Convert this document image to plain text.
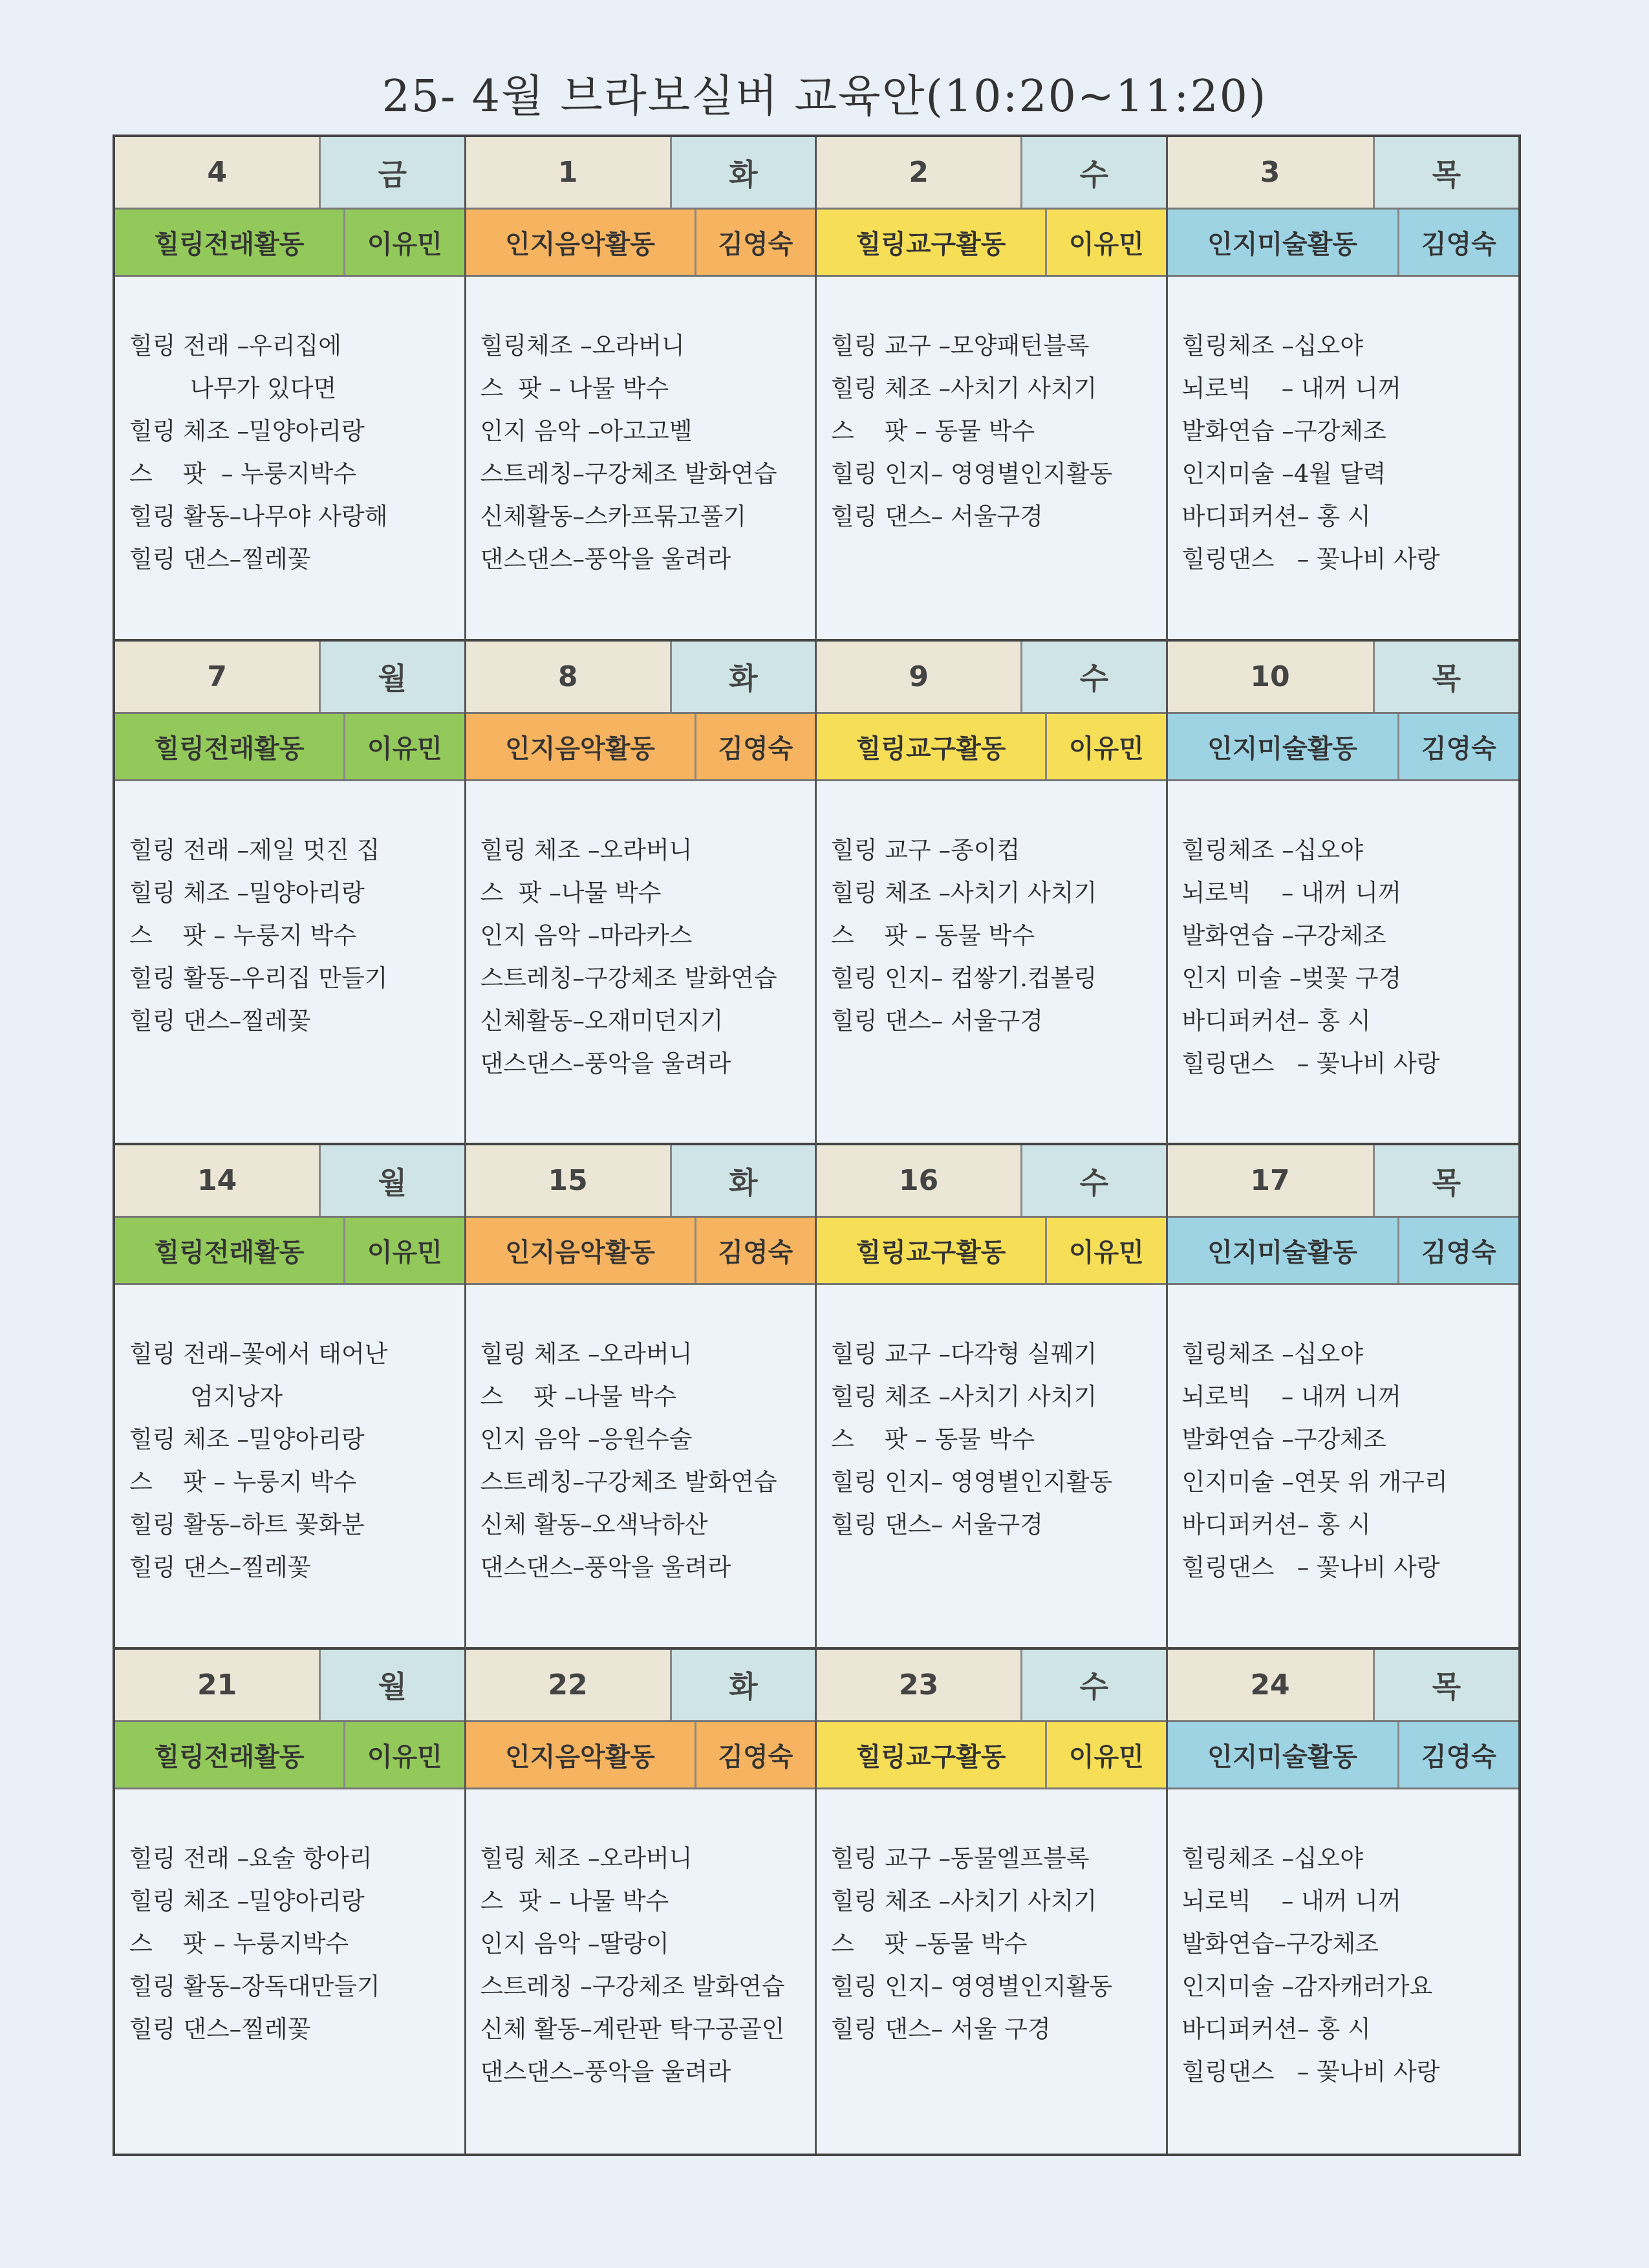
25- 4월 브라보실버 교육안(10:20~11:20)
4	금
힐링전래활동	이유민
힐링 전래 –우리집에
나무가 있다면
힐링 체조 –밀양아리랑
스    팟  – 누룽지박수
힐링 활동–나무야 사랑해
힐링 댄스–찔레꽃
1	화
인지음악활동	김영숙
힐링체조 –오라버니
스  팟 – 나물 박수
인지 음악 –아고고벨
스트레칭–구강체조 발화연습
신체활동–스카프묶고풀기
댄스댄스–풍악을 울려라
2	수
힐링교구활동	이유민
힐링 교구 –모양패턴블록
힐링 체조 –사치기 사치기
스    팟 – 동물 박수
힐링 인지– 영영별인지활동
힐링 댄스– 서울구경
3	목
인지미술활동	김영숙
힐링체조 –십오야
뇌로빅    – 내꺼 니꺼
발화연습 –구강체조
인지미술 –4월 달력
바디퍼커션– 홍 시
힐링댄스   – 꽃나비 사랑
7	월
힐링전래활동	이유민
힐링 전래 –제일 멋진 집
힐링 체조 –밀양아리랑
스    팟 – 누룽지 박수
힐링 활동–우리집 만들기
힐링 댄스–찔레꽃
8	화
인지음악활동	김영숙
힐링 체조 –오라버니
스  팟 –나물 박수
인지 음악 –마라카스
스트레칭–구강체조 발화연습
신체활동–오재미던지기
댄스댄스–풍악을 울려라
9	수
힐링교구활동	이유민
힐링 교구 –종이컵
힐링 체조 –사치기 사치기
스    팟 – 동물 박수
힐링 인지– 컵쌓기.컵볼링
힐링 댄스– 서울구경
10	목
인지미술활동	김영숙
힐링체조 –십오야
뇌로빅    – 내꺼 니꺼
발화연습 –구강체조
인지 미술 –벚꽃 구경
바디퍼커션– 홍 시
힐링댄스   – 꽃나비 사랑
14	월
힐링전래활동	이유민
힐링 전래–꽃에서 태어난
엄지낭자
힐링 체조 –밀양아리랑
스    팟 – 누룽지 박수
힐링 활동–하트 꽃화분
힐링 댄스–찔레꽃
15	화
인지음악활동	김영숙
힐링 체조 –오라버니
스    팟 –나물 박수
인지 음악 –응원수술
스트레칭–구강체조 발화연습
신체 활동–오색낙하산
댄스댄스–풍악을 울려라
16	수
힐링교구활동	이유민
힐링 교구 –다각형 실꿰기
힐링 체조 –사치기 사치기
스    팟 – 동물 박수
힐링 인지– 영영별인지활동
힐링 댄스– 서울구경
17	목
인지미술활동	김영숙
힐링체조 –십오야
뇌로빅    – 내꺼 니꺼
발화연습 –구강체조
인지미술 –연못 위 개구리
바디퍼커션– 홍 시
힐링댄스   – 꽃나비 사랑
21	월
힐링전래활동	이유민
힐링 전래 –요술 항아리
힐링 체조 –밀양아리랑
스    팟 – 누룽지박수
힐링 활동–장독대만들기
힐링 댄스–찔레꽃
22	화
인지음악활동	김영숙
힐링 체조 –오라버니
스  팟 – 나물 박수
인지 음악 –딸랑이
스트레칭 –구강체조 발화연습
신체 활동–계란판 탁구공골인
댄스댄스–풍악을 울려라
23	수
힐링교구활동	이유민
힐링 교구 –동물엘프블록
힐링 체조 –사치기 사치기
스    팟 –동물 박수
힐링 인지– 영영별인지활동
힐링 댄스– 서울 구경
24	목
인지미술활동	김영숙
힐링체조 –십오야
뇌로빅    – 내꺼 니꺼
발화연습–구강체조
인지미술 –감자캐러가요
바디퍼커션– 홍 시
힐링댄스   – 꽃나비 사랑
